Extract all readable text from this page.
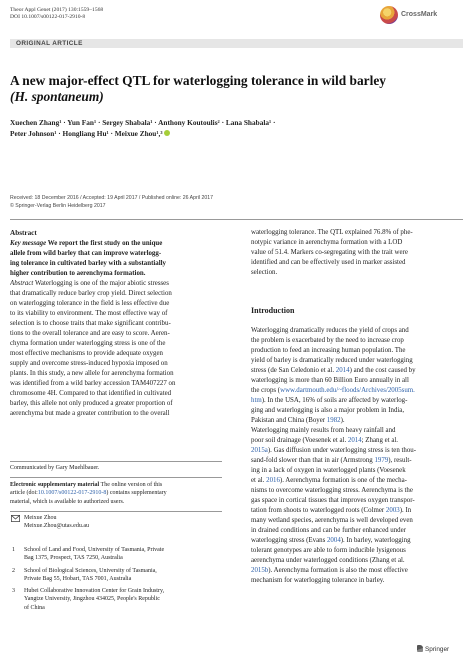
Theor Appl Genet (2017) 130:1559–1568
DOI 10.1007/s00122-017-2910-8	CrossMark
ORIGINAL ARTICLE
A new major-effect QTL for waterlogging tolerance in wild barley
(H. spontaneum)
Xuechen Zhang¹ · Yun Fan¹ · Sergey Shabala¹ · Anthony Koutoulis² · Lana Shabala¹ ·
Peter Johnson¹ · Hongliang Hu¹ · Meixue Zhou¹,³
Received: 18 December 2016 / Accepted: 19 April 2017 / Published online: 26 April 2017
© Springer-Verlag Berlin Heidelberg 2017
Abstract
Key message We report the first study on the unique
allele from wild barley that can improve waterlogg-
ing tolerance in cultivated barley with a substantially
higher contribution to aerenchyma formation.
Abstract Waterlogging is one of the major abiotic stresses
that dramatically reduce barley crop yield. Direct selection
on waterlogging tolerance in the field is less effective due
to its viability to environment. The most effective way of
selection is to choose traits that make significant contribu-
tions to the overall tolerance and are easy to score. Aeren-
chyma formation under waterlogging stress is one of the
most effective mechanisms to provide adequate oxygen
supply and overcome stress-induced hypoxia imposed on
plants. In this study, a new allele for aerenchyma formation
was identified from a wild barley accession TAM407227 on
chromosome 4H. Compared to that identified in cultivated
barley, this allele not only produced a greater proportion of
aerenchyma but made a greater contribution to the overall
Communicated by Gary Muehlbauer.
Electronic supplementary material The online version of this
article (doi:10.1007/s00122-017-2910-8) contains supplementary
material, which is available to authorized users.
Meixue Zhou
Meixue.Zhou@utas.edu.au
1 School of Land and Food, University of Tasmania, Private
Bag 1375, Prospect, TAS 7250, Australia
2 School of Biological Sciences, University of Tasmania,
Private Bag 55, Hobart, TAS 7001, Australia
3 Hubei Collaborative Innovation Center for Grain Industry,
Yangtze University, Jingzhou 434025, People's Republic
of China
waterlogging tolerance. The QTL explained 76.8% of phe-
notypic variance in aerenchyma formation with a LOD
value of 51.4. Markers co-segregating with the trait were
identified and can be effectively used in marker assisted
selection.
Introduction
Waterlogging dramatically reduces the yield of crops and
the problem is exacerbated by the need to increase crop
production to feed an increasing human population. The
yield of barley is dramatically reduced under waterlogging
stress (de San Celedonio et al. 2014) and the cost caused by
waterlogging is more than 60 Billion Euro annually in all
the crops (www.dartmouth.edu/~floods/Archives/2005sum.
htm). In the USA, 16% of soils are affected by waterlog-
ging and waterlogging is also a major problem in India,
Pakistan and China (Boyer 1982).
Waterlogging mainly results from heavy rainfall and
poor soil drainage (Voesenek et al. 2014; Zhang et al.
2015a). Gas diffusion under waterlogging stress is ten thou-
sand-fold slower than that in air (Armstrong 1979), result-
ing in a lack of oxygen in waterlogged plants (Voesenek
et al. 2016). Aerenchyma formation is one of the mecha-
nisms to overcome waterlogging stress. Aerenchyma is the
gas space in cortical tissues that improves oxygen transpor-
tation from shoots to waterlogged roots (Colmer 2003). In
many wetland species, aerenchyma is well developed even
in drained conditions and can be further enhanced under
waterlogging stress (Evans 2004). In barley, waterlogging
tolerant genotypes are able to form inducible lysigenous
aerenchyma under waterlogged conditions (Zhang et al.
2015b). Aerenchyma formation is also the most effective
mechanism for waterlogging tolerance in barley.
Springer
